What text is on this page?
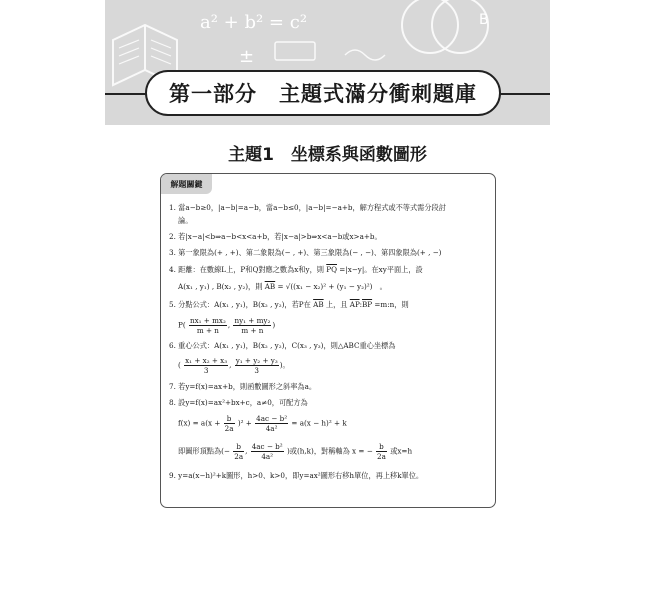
a² + b² = c²	B
±
第一部分　主題式滿分衝刺題庫
主題1　坐標系與函數圖形
解題關鍵
1. 當a−b≥0，|a−b|=a−b，當a−b≤0，|a−b|=−a+b，解方程式或不等式需分段討
論。
2. 若|x−a|<b⇒a−b<x<a+b，若|x−a|>b⇒x<a−b或x>a+b。
3. 第一象限為(+ , +)、第二象限為(− , +)、第三象限為(− , −)、第四象限為(+ , −)
4. 距離：在數線L上，P和Q對應之數為x和y，則 $\overline{PQ} =|x-y|$。在xy平面上，設
A(x₁ , y₁) , B(x₂ , y₂)，則 $\overline{AB} = √((x_1 - x_2)^2 + (y_1 - y_2)^2)$　。
5. 分點公式：A(x₁ , y₁)，B(x₂ , y₂)，若P在 $\overline{AB}$ 上，且 $\overline{AP}:\overline{BP}$ =m:n，則
$P( \frac{\text{nx₁ + mx₂}}{m + n}$ , $\frac{\text{ny₁ + my₂}}{m + n}$ )
6. 重心公式：A(x₁ , y₁)，B(x₂ , y₂)，C(x₃ , y₃)，則△ABC重心坐標為
( $\frac{\text{x₁ + x₂ + x₃}}{3}$ , $\frac{\text{y₁ + y₂ + y₃}}{3}$ )。
7. 若y=f(x)=ax+b，則函數圖形之斜率為a。
8. 設y=f(x)=ax²+bx+c，a≠0，可配方為
$f(x) = a(x + \frac{b}{2a} )^2 + \frac{\text{4ac − b²}}{\text{4a²}} = a(x - h)^2 + k$
即圖形頂點為(− $\frac{b}{2a}$ , $\frac{\text{4ac − b²}}{\text{4a²}}$ )或(h,k)，對稱軸為 x = − $\frac{b}{2a}$ 或x=h
9. y=a(x−h)²+k圖形，h>0、k>0，即y=ax²圖形右移h單位，再上移k單位。
